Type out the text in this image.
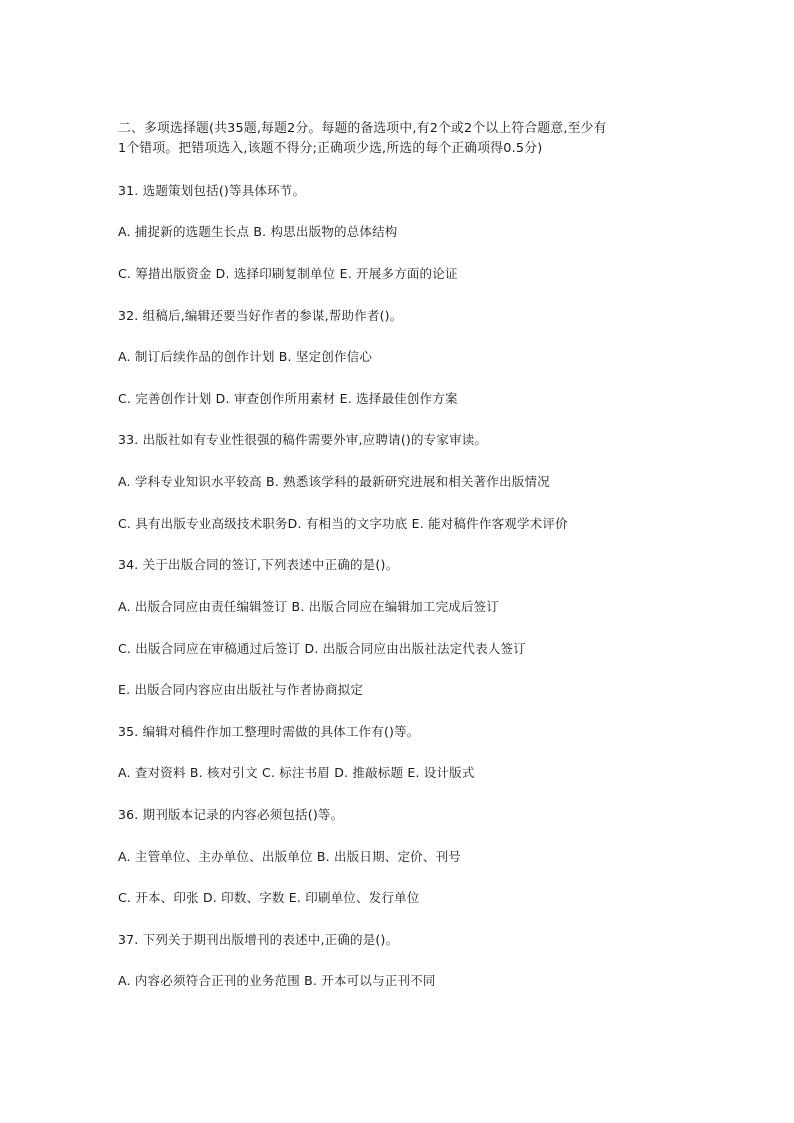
二、多项选择题(共35题,每题2分。每题的备选项中,有2个或2个以上符合题意,至少有
1个错项。把错项选入,该题不得分;正确项少选,所选的每个正确项得0.5分)
31. 选题策划包括()等具体环节。
A. 捕捉新的选题生长点 B. 构思出版物的总体结构
C. 筹措出版资金 D. 选择印刷复制单位 E. 开展多方面的论证
32. 组稿后,编辑还要当好作者的参谋,帮助作者()。
A. 制订后续作品的创作计划 B. 坚定创作信心
C. 完善创作计划 D. 审查创作所用素材 E. 选择最佳创作方案
33. 出版社如有专业性很强的稿件需要外审,应聘请()的专家审读。
A. 学科专业知识水平较高 B. 熟悉该学科的最新研究进展和相关著作出版情况
C. 具有出版专业高级技术职务D. 有相当的文字功底 E. 能对稿件作客观学术评价
34. 关于出版合同的签订,下列表述中正确的是()。
A. 出版合同应由责任编辑签订 B. 出版合同应在编辑加工完成后签订
C. 出版合同应在审稿通过后签订 D. 出版合同应由出版社法定代表人签订
E. 出版合同内容应由出版社与作者协商拟定
35. 编辑对稿件作加工整理时需做的具体工作有()等。
A. 查对资料 B. 核对引文 C. 标注书眉 D. 推敲标题 E. 设计版式
36. 期刊版本记录的内容必须包括()等。
A. 主管单位、主办单位、出版单位 B. 出版日期、定价、刊号
C. 开本、印张 D. 印数、字数 E. 印刷单位、发行单位
37. 下列关于期刊出版增刊的表述中,正确的是()。
A. 内容必须符合正刊的业务范围 B. 开本可以与正刊不同
